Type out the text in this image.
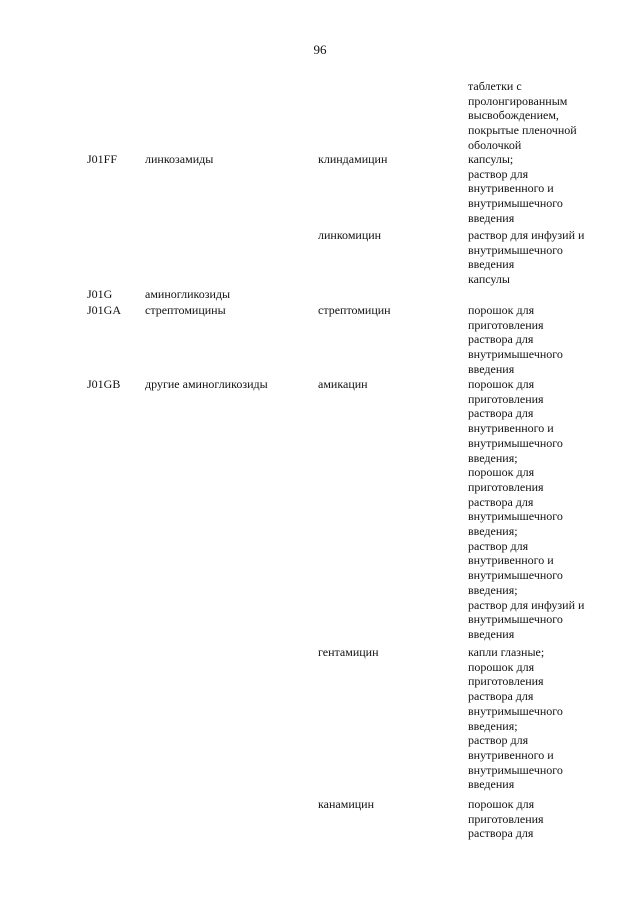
96
таблетки с
пролонгированным
высвобождением,
покрытые пленочной
оболочкой
J01FF линкозамиды	клиндамицин	капсулы;
раствор для
внутривенного и
внутримышечного
введения
линкомицин	раствор для инфузий и
внутримышечного
введения
капсулы
J01G	аминогликозиды
J01GA стрептомицины	стрептомицин	порошок для
приготовления
раствора для
внутримышечного
введения
J01GB другие аминогликозиды	амикацин	порошок для
приготовления
раствора для
внутривенного и
внутримышечного
введения;
порошок для
приготовления
раствора для
внутримышечного
введения;
раствор для
внутривенного и
внутримышечного
введения;
раствор для инфузий и
внутримышечного
введения
гентамицин	капли глазные;
порошок для
приготовления
раствора для
внутримышечного
введения;
раствор для
внутривенного и
внутримышечного
введения
канамицин	порошок для
приготовления
раствора для
